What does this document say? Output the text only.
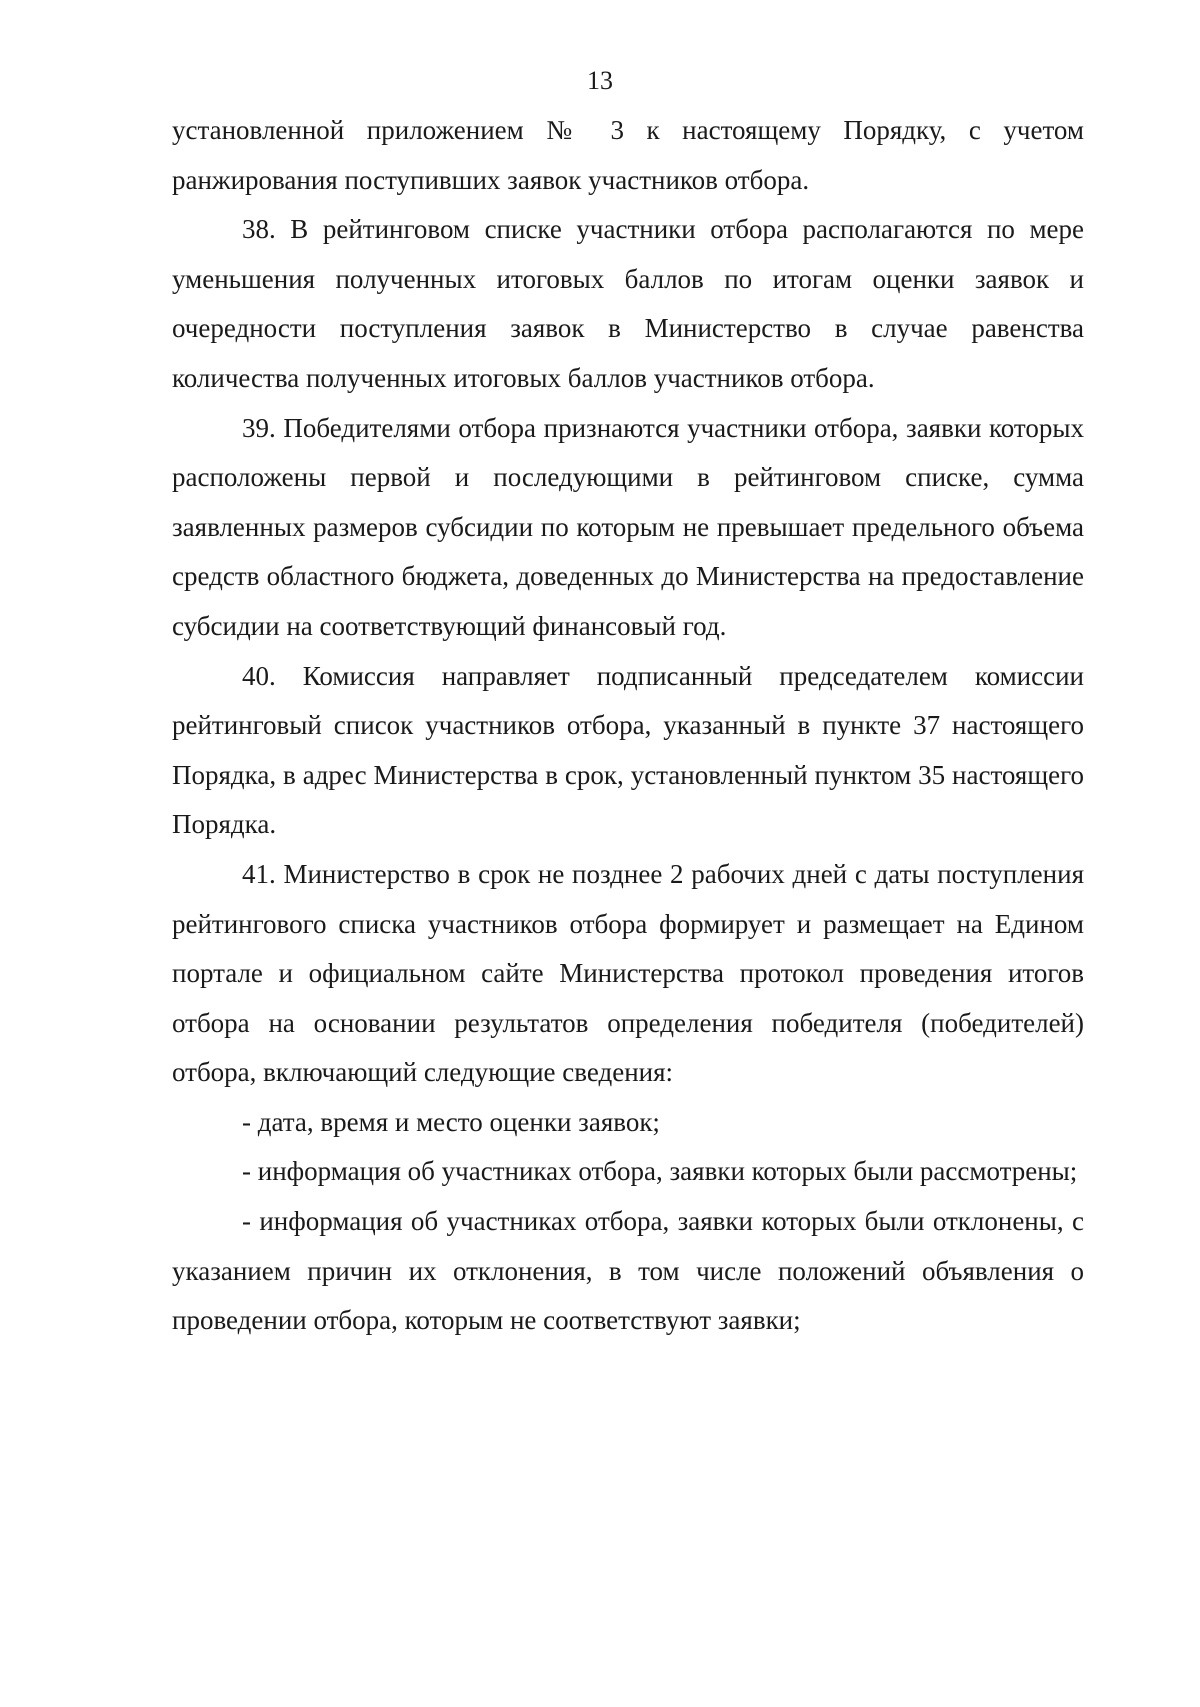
13

установленной приложением № 3 к настоящему Порядку, с учетом ранжирования поступивших заявок участников отбора.

38. В рейтинговом списке участники отбора располагаются по мере уменьшения полученных итоговых баллов по итогам оценки заявок и очередности поступления заявок в Министерство в случае равенства количества полученных итоговых баллов участников отбора.

39. Победителями отбора признаются участники отбора, заявки которых расположены первой и последующими в рейтинговом списке, сумма заявленных размеров субсидии по которым не превышает предельного объема средств областного бюджета, доведенных до Министерства на предоставление субсидии на соответствующий финансовый год.

40. Комиссия направляет подписанный председателем комиссии рейтинговый список участников отбора, указанный в пункте 37 настоящего Порядка, в адрес Министерства в срок, установленный пунктом 35 настоящего Порядка.

41. Министерство в срок не позднее 2 рабочих дней с даты поступления рейтингового списка участников отбора формирует и размещает на Едином портале и официальном сайте Министерства протокол проведения итогов отбора на основании результатов определения победителя (победителей) отбора, включающий следующие сведения:

- дата, время и место оценки заявок;

- информация об участниках отбора, заявки которых были рассмотрены;

- информация об участниках отбора, заявки которых были отклонены, с указанием причин их отклонения, в том числе положений объявления о проведении отбора, которым не соответствуют заявки;
